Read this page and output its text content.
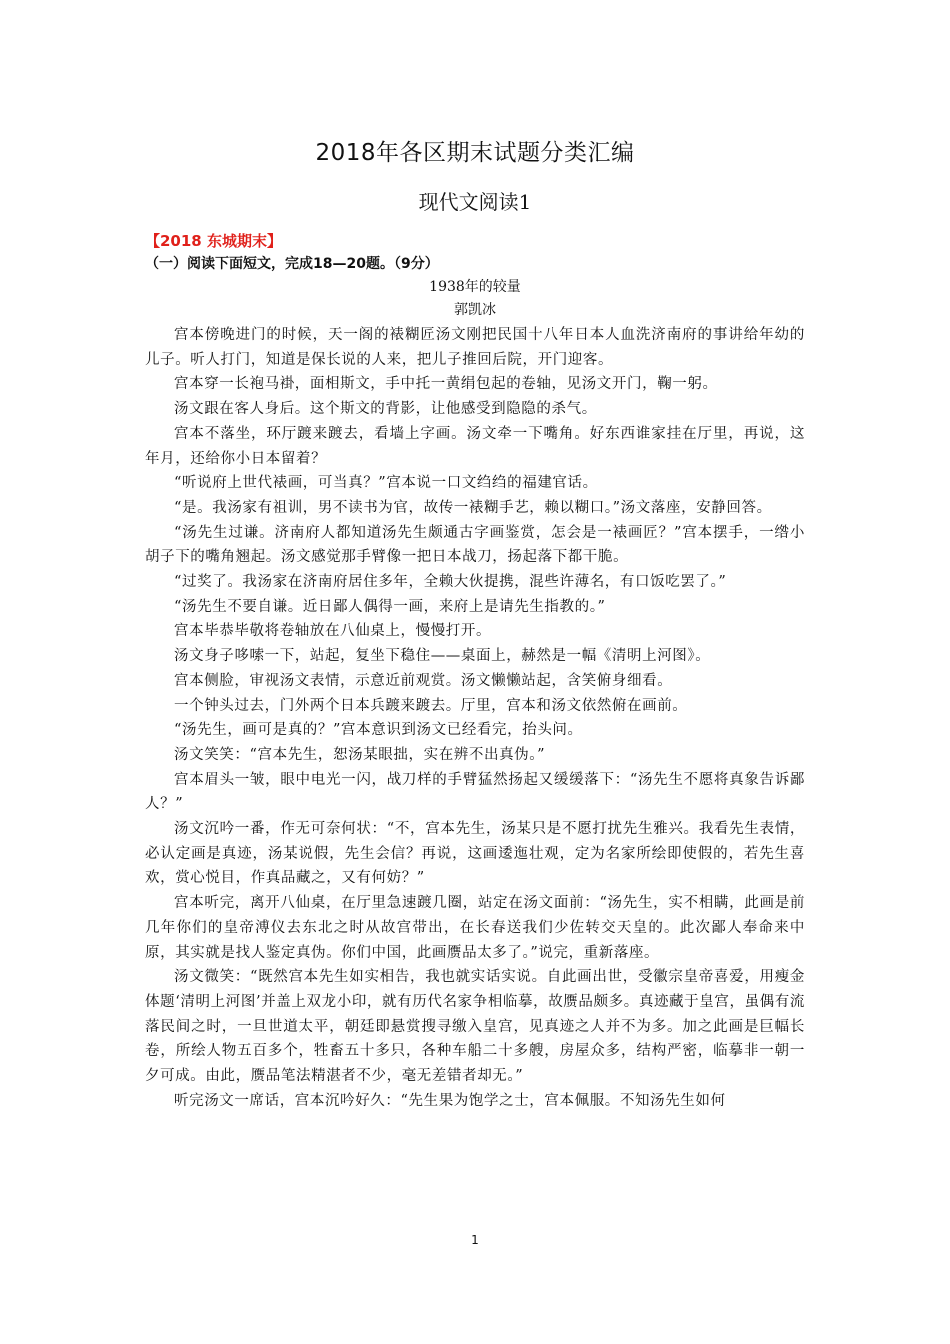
2018年各区期末试题分类汇编
现代文阅读1
【2018 东城期末】
（一）阅读下面短文，完成18—20题。（9分）
1938年的较量
郭凯冰

宫本傍晚进门的时候，天一阁的裱糊匠汤文刚把民国十八年日本人血洗济南府的事讲给年幼的儿子。听人打门，知道是保长说的人来，把儿子推回后院，开门迎客。

宫本穿一长袍马褂，面相斯文，手中托一黄绢包起的卷轴，见汤文开门，鞠一躬。

汤文跟在客人身后。这个斯文的背影，让他感受到隐隐的杀气。

宫本不落坐，环厅踱来踱去，看墙上字画。汤文牵一下嘴角。好东西谁家挂在厅里，再说，这年月，还给你小日本留着？

“听说府上世代裱画，可当真？”宫本说一口文绉绉的福建官话。

“是。我汤家有祖训，男不读书为官，故传一裱糊手艺，赖以糊口。”汤文落座，安静回答。

“汤先生过谦。济南府人都知道汤先生颇通古字画鉴赏，怎会是一裱画匠？”宫本摆手，一绺小胡子下的嘴角翘起。汤文感觉那手臂像一把日本战刀，扬起落下都干脆。

“过奖了。我汤家在济南府居住多年，全赖大伙提携，混些许薄名，有口饭吃罢了。”

“汤先生不要自谦。近日鄙人偶得一画，来府上是请先生指教的。”

宫本毕恭毕敬将卷轴放在八仙桌上，慢慢打开。

汤文身子哆嗦一下，站起，复坐下稳住——桌面上，赫然是一幅《清明上河图》。

宫本侧脸，审视汤文表情，示意近前观赏。汤文懒懒站起，含笑俯身细看。

一个钟头过去，门外两个日本兵踱来踱去。厅里，宫本和汤文依然俯在画前。

“汤先生，画可是真的？”宫本意识到汤文已经看完，抬头问。

汤文笑笑：“宫本先生，恕汤某眼拙，实在辨不出真伪。”

宫本眉头一皱，眼中电光一闪，战刀样的手臂猛然扬起又缓缓落下：“汤先生不愿将真象告诉鄙人？”

汤文沉吟一番，作无可奈何状：“不，宫本先生，汤某只是不愿打扰先生雅兴。我看先生表情，必认定画是真迹，汤某说假，先生会信？再说，这画逶迤壮观，定为名家所绘即使假的，若先生喜欢，赏心悦目，作真品藏之，又有何妨？”

宫本听完，离开八仙桌，在厅里急速踱几圈，站定在汤文面前：“汤先生，实不相瞒，此画是前几年你们的皇帝溥仪去东北之时从故宫带出，在长春送我们少佐转交天皇的。此次鄙人奉命来中原，其实就是找人鉴定真伪。你们中国，此画赝品太多了。”说完，重新落座。

汤文微笑：“既然宫本先生如实相告，我也就实话实说。自此画出世，受徽宗皇帝喜爱，用瘦金体题‘清明上河图’并盖上双龙小印，就有历代名家争相临摹，故赝品颇多。真迹藏于皇宫，虽偶有流落民间之时，一旦世道太平，朝廷即悬赏搜寻缴入皇宫，见真迹之人并不为多。加之此画是巨幅长卷，所绘人物五百多个，牲畜五十多只，各种车船二十多艘，房屋众多，结构严密，临摹非一朝一夕可成。由此，赝品笔法精湛者不少，毫无差错者却无。”

听完汤文一席话，宫本沉吟好久：“先生果为饱学之士，宫本佩服。不知汤先生如何

1
